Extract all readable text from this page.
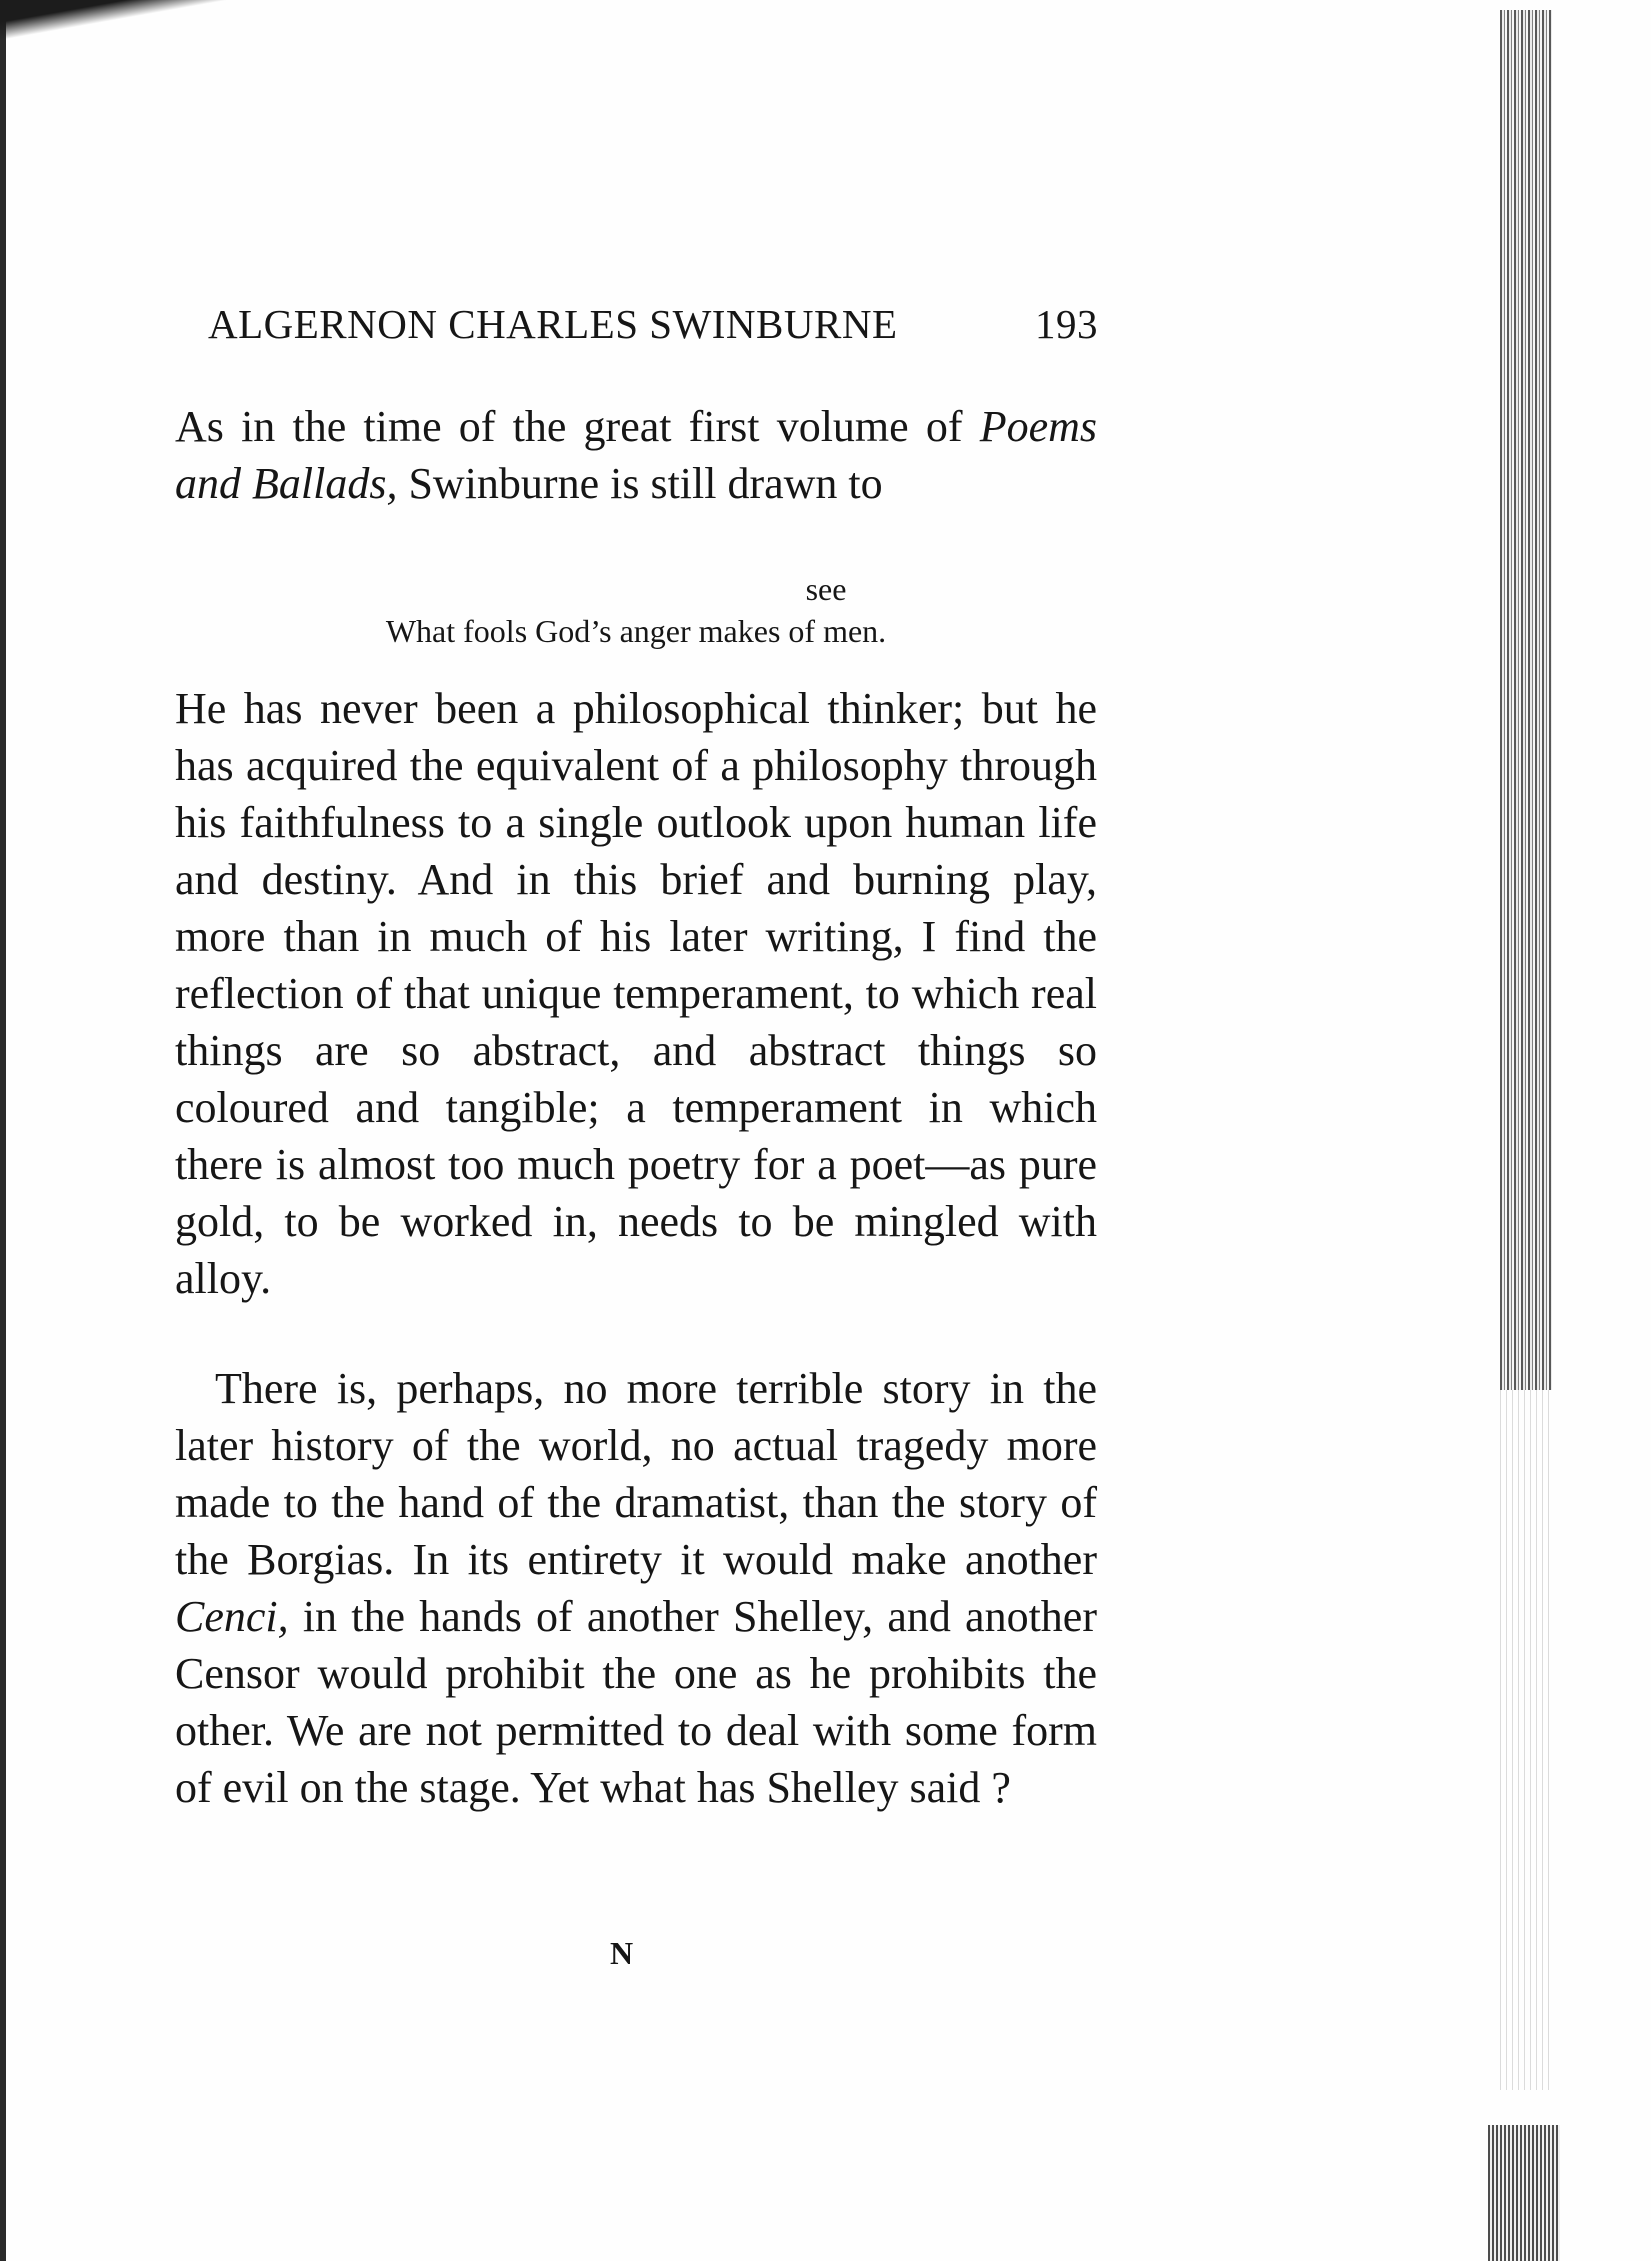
ALGERNON CHARLES SWINBURNE	193
As in the time of the great first volume of Poems and Ballads, Swinburne is still drawn to
see
What fools God’s anger makes of men.
He has never been a philosophical thinker; but he has acquired the equivalent of a philosophy through his faithfulness to a single outlook upon human life and destiny. And in this brief and burning play, more than in much of his later writing, I find the reflection of that unique temperament, to which real things are so abstract, and abstract things so coloured and tangible; a temperament in which there is almost too much poetry for a poet—as pure gold, to be worked in, needs to be mingled with alloy.
There is, perhaps, no more terrible story in the later history of the world, no actual tragedy more made to the hand of the dramatist, than the story of the Borgias. In its entirety it would make another Cenci, in the hands of another Shelley, and another Censor would prohibit the one as he prohibits the other. We are not permitted to deal with some form of evil on the stage. Yet what has Shelley said ?
N
